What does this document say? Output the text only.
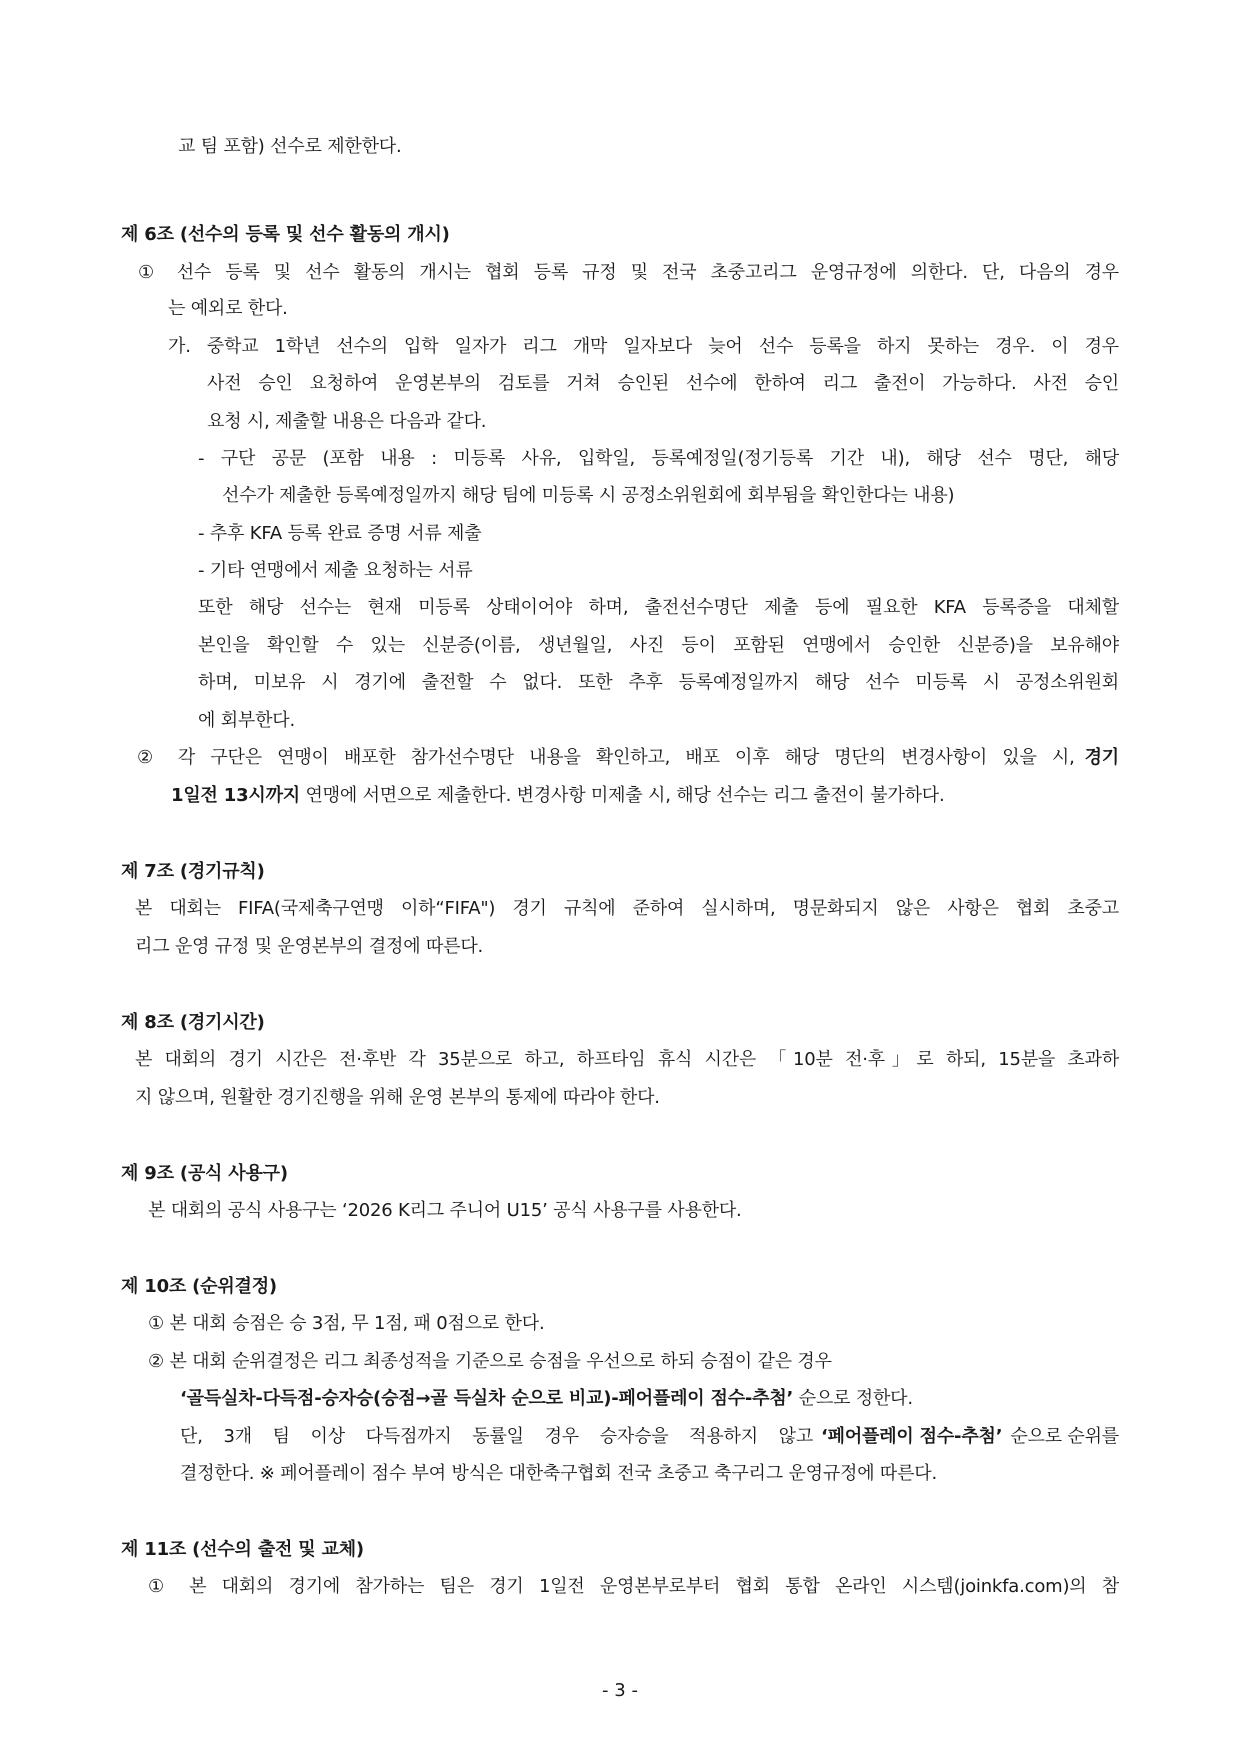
교 팀 포함) 선수로 제한한다.
제 6조 (선수의 등록 및 선수 활동의 개시)
① 선수 등록 및 선수 활동의 개시는 협회 등록 규정 및 전국 초중고리그 운영규정에 의한다. 단, 다음의 경우
는 예외로 한다.
가. 중학교 1학년 선수의 입학 일자가 리그 개막 일자보다 늦어 선수 등록을 하지 못하는 경우. 이 경우
사전 승인 요청하여 운영본부의 검토를 거쳐 승인된 선수에 한하여 리그 출전이 가능하다. 사전 승인
요청 시, 제출할 내용은 다음과 같다.
- 구단 공문 (포함 내용 : 미등록 사유, 입학일, 등록예정일(정기등록 기간 내), 해당 선수 명단, 해당
선수가 제출한 등록예정일까지 해당 팀에 미등록 시 공정소위원회에 회부됨을 확인한다는 내용)
- 추후 KFA 등록 완료 증명 서류 제출
- 기타 연맹에서 제출 요청하는 서류
또한 해당 선수는 현재 미등록 상태이어야 하며, 출전선수명단 제출 등에 필요한 KFA 등록증을 대체할
본인을 확인할 수 있는 신분증(이름, 생년월일, 사진 등이 포함된 연맹에서 승인한 신분증)을 보유해야
하며, 미보유 시 경기에 출전할 수 없다. 또한 추후 등록예정일까지 해당 선수 미등록 시 공정소위원회
에 회부한다.
② 각 구단은 연맹이 배포한 참가선수명단 내용을 확인하고, 배포 이후 해당 명단의 변경사항이 있을 시, 경기
1일전 13시까지 연맹에 서면으로 제출한다. 변경사항 미제출 시, 해당 선수는 리그 출전이 불가하다.
제 7조 (경기규칙)
본 대회는 FIFA(국제축구연맹 이하“FIFA") 경기 규칙에 준하여 실시하며, 명문화되지 않은 사항은 협회 초중고
리그 운영 규정 및 운영본부의 결정에 따른다.
제 8조 (경기시간)
본 대회의 경기 시간은 전·후반 각 35분으로 하고, 하프타임 휴식 시간은 「10분 전·후」로 하되, 15분을 초과하
지 않으며, 원활한 경기진행을 위해 운영 본부의 통제에 따라야 한다.
제 9조 (공식 사용구)
본 대회의 공식 사용구는 ‘2026 K리그 주니어 U15’ 공식 사용구를 사용한다.
제 10조 (순위결정)
① 본 대회 승점은 승 3점, 무 1점, 패 0점으로 한다.
② 본 대회 순위결정은 리그 최종성적을 기준으로 승점을 우선으로 하되 승점이 같은 경우
‘골득실차-다득점-승자승(승점→골 득실차 순으로 비교)-페어플레이 점수-추첨’ 순으로 정한다.
단, 3개 팀 이상 다득점까지 동률일 경우 승자승을 적용하지 않고 ‘페어플레이 점수-추첨’ 순으로 순위를
결정한다. ※ 페어플레이 점수 부여 방식은 대한축구협회 전국 초중고 축구리그 운영규정에 따른다.
제 11조 (선수의 출전 및 교체)
① 본 대회의 경기에 참가하는 팀은 경기 1일전 운영본부로부터 협회 통합 온라인 시스템(joinkfa.com)의 참
- 3 -
